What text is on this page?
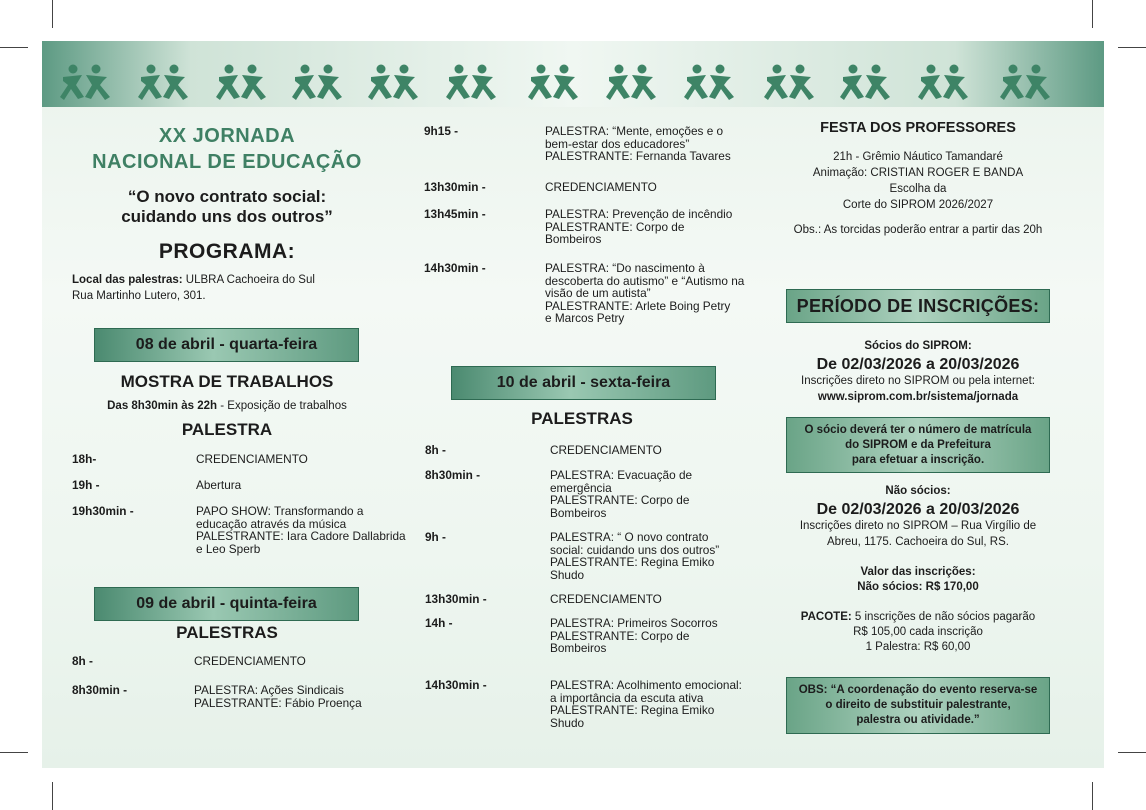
XX JORNADA
NACIONAL DE EDUCAÇÃO
“O novo contrato social:
cuidando uns dos outros”
PROGRAMA:
Local das palestras: ULBRA Cachoeira do Sul
Rua Martinho Lutero, 301.
08 de abril - quarta-feira
MOSTRA DE TRABALHOS
Das 8h30min às 22h - Exposição de trabalhos
PALESTRA
18h-	CREDENCIAMENTO
19h -	Abertura
19h30min -	PAPO SHOW: Transformando a
educação através da música
PALESTRANTE: Iara Cadore Dallabrida
e Leo Sperb
09 de abril - quinta-feira
PALESTRAS
8h -	CREDENCIAMENTO
8h30min -	PALESTRA: Ações Sindicais
PALESTRANTE: Fábio Proença
9h15 -	PALESTRA: “Mente, emoções e o
bem-estar dos educadores”
PALESTRANTE: Fernanda Tavares
13h30min -	CREDENCIAMENTO
13h45min -	PALESTRA: Prevenção de incêndio
PALESTRANTE: Corpo de
Bombeiros
14h30min -	PALESTRA: “Do nascimento à
descoberta do autismo” e “Autismo na
visão de um autista”
PALESTRANTE: Arlete Boing Petry
e Marcos Petry
10 de abril - sexta-feira
PALESTRAS
8h -	CREDENCIAMENTO
8h30min -	PALESTRA: Evacuação de
emergência
PALESTRANTE: Corpo de
Bombeiros
9h -	PALESTRA: “ O novo contrato
social: cuidando uns dos outros”
PALESTRANTE: Regina Emiko
Shudo
13h30min -	CREDENCIAMENTO
14h -	PALESTRA: Primeiros Socorros
PALESTRANTE: Corpo de
Bombeiros
14h30min -	PALESTRA: Acolhimento emocional:
a importância da escuta ativa
PALESTRANTE: Regina Emiko
Shudo
FESTA DOS PROFESSORES
21h - Grêmio Náutico Tamandaré
Animação: CRISTIAN ROGER E BANDA
Escolha da
Corte do SIPROM 2026/2027
Obs.: As torcidas poderão entrar a partir das 20h
PERÍODO DE INSCRIÇÕES:
Sócios do SIPROM:
De 02/03/2026 a 20/03/2026
Inscrições direto no SIPROM ou pela internet:
www.siprom.com.br/sistema/jornada
O sócio deverá ter o número de matrícula
do SIPROM e da Prefeitura
para efetuar a inscrição.
Não sócios:
De 02/03/2026 a 20/03/2026
Inscrições direto no SIPROM – Rua Virgílio de
Abreu, 1175. Cachoeira do Sul, RS.
Valor das inscrições:
Não sócios: R$ 170,00
PACOTE: 5 inscrições de não sócios pagarão
R$ 105,00 cada inscrição
1 Palestra: R$ 60,00
OBS: “A coordenação do evento reserva-se
o direito de substituir palestrante,
palestra ou atividade.”
